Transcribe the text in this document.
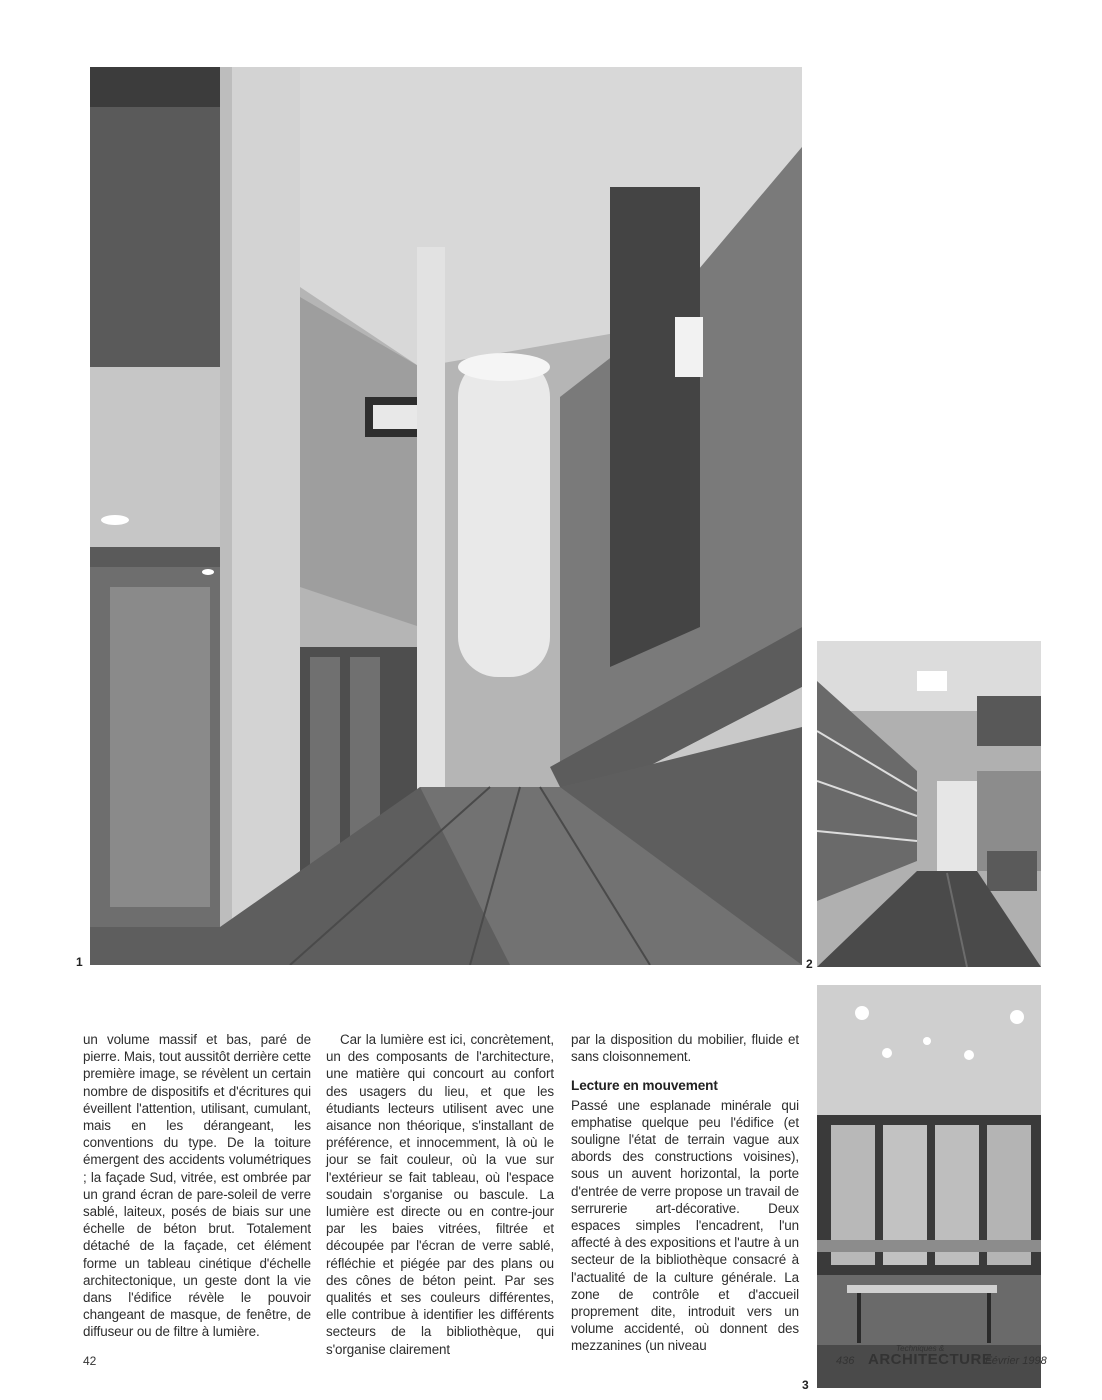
1	2
3

un volume massif et bas, paré de pierre. Mais, tout aussitôt derrière cette première image, se révèlent un certain nombre de dispositifs et d'écritures qui éveillent l'attention, utilisant, cumulant, mais en les dérangeant, les conventions du type. De la toiture émergent des accidents volumétriques ; la façade Sud, vitrée, est ombrée par un grand écran de pare-soleil de verre sablé, laiteux, posés de biais sur une échelle de béton brut. Totalement détaché de la façade, cet élément forme un tableau cinétique d'échelle architectonique, un geste dont la vie dans l'édifice révèle le pouvoir changeant de masque, de fenêtre, de diffuseur ou de filtre à lumière.

Car la lumière est ici, concrètement, un des composants de l'architecture, une matière qui concourt au confort des usagers du lieu, et que les étudiants lecteurs utilisent avec une aisance non théorique, s'installant de préférence, et innocemment, là où le jour se fait couleur, où la vue sur l'extérieur se fait tableau, où l'espace soudain s'organise ou bascule. La lumière est directe ou en contre-jour par les baies vitrées, filtrée et découpée par l'écran de verre sablé, réfléchie et piégée par des plans ou des cônes de béton peint. Par ses qualités et ses couleurs différentes, elle contribue à identifier les différents secteurs de la bibliothèque, qui s'organise clairement

par la disposition du mobilier, fluide et sans cloisonnement.

Lecture en mouvement

Passé une esplanade minérale qui emphatise quelque peu l'édifice (et souligne l'état de terrain vague aux abords des constructions voisines), sous un auvent horizontal, la porte d'entrée de verre propose un travail de serrurerie art-décorative. Deux espaces simples l'encadrent, l'un affecté à des expositions et l'autre à un secteur de la bibliothèque consacré à l'actualité de la culture générale. La zone de contrôle et d'accueil proprement dite, introduit vers un volume accidenté, où donnent des mezzanines (un niveau

42	436
Techniques &
ARCHITECTURE
Février 1998
